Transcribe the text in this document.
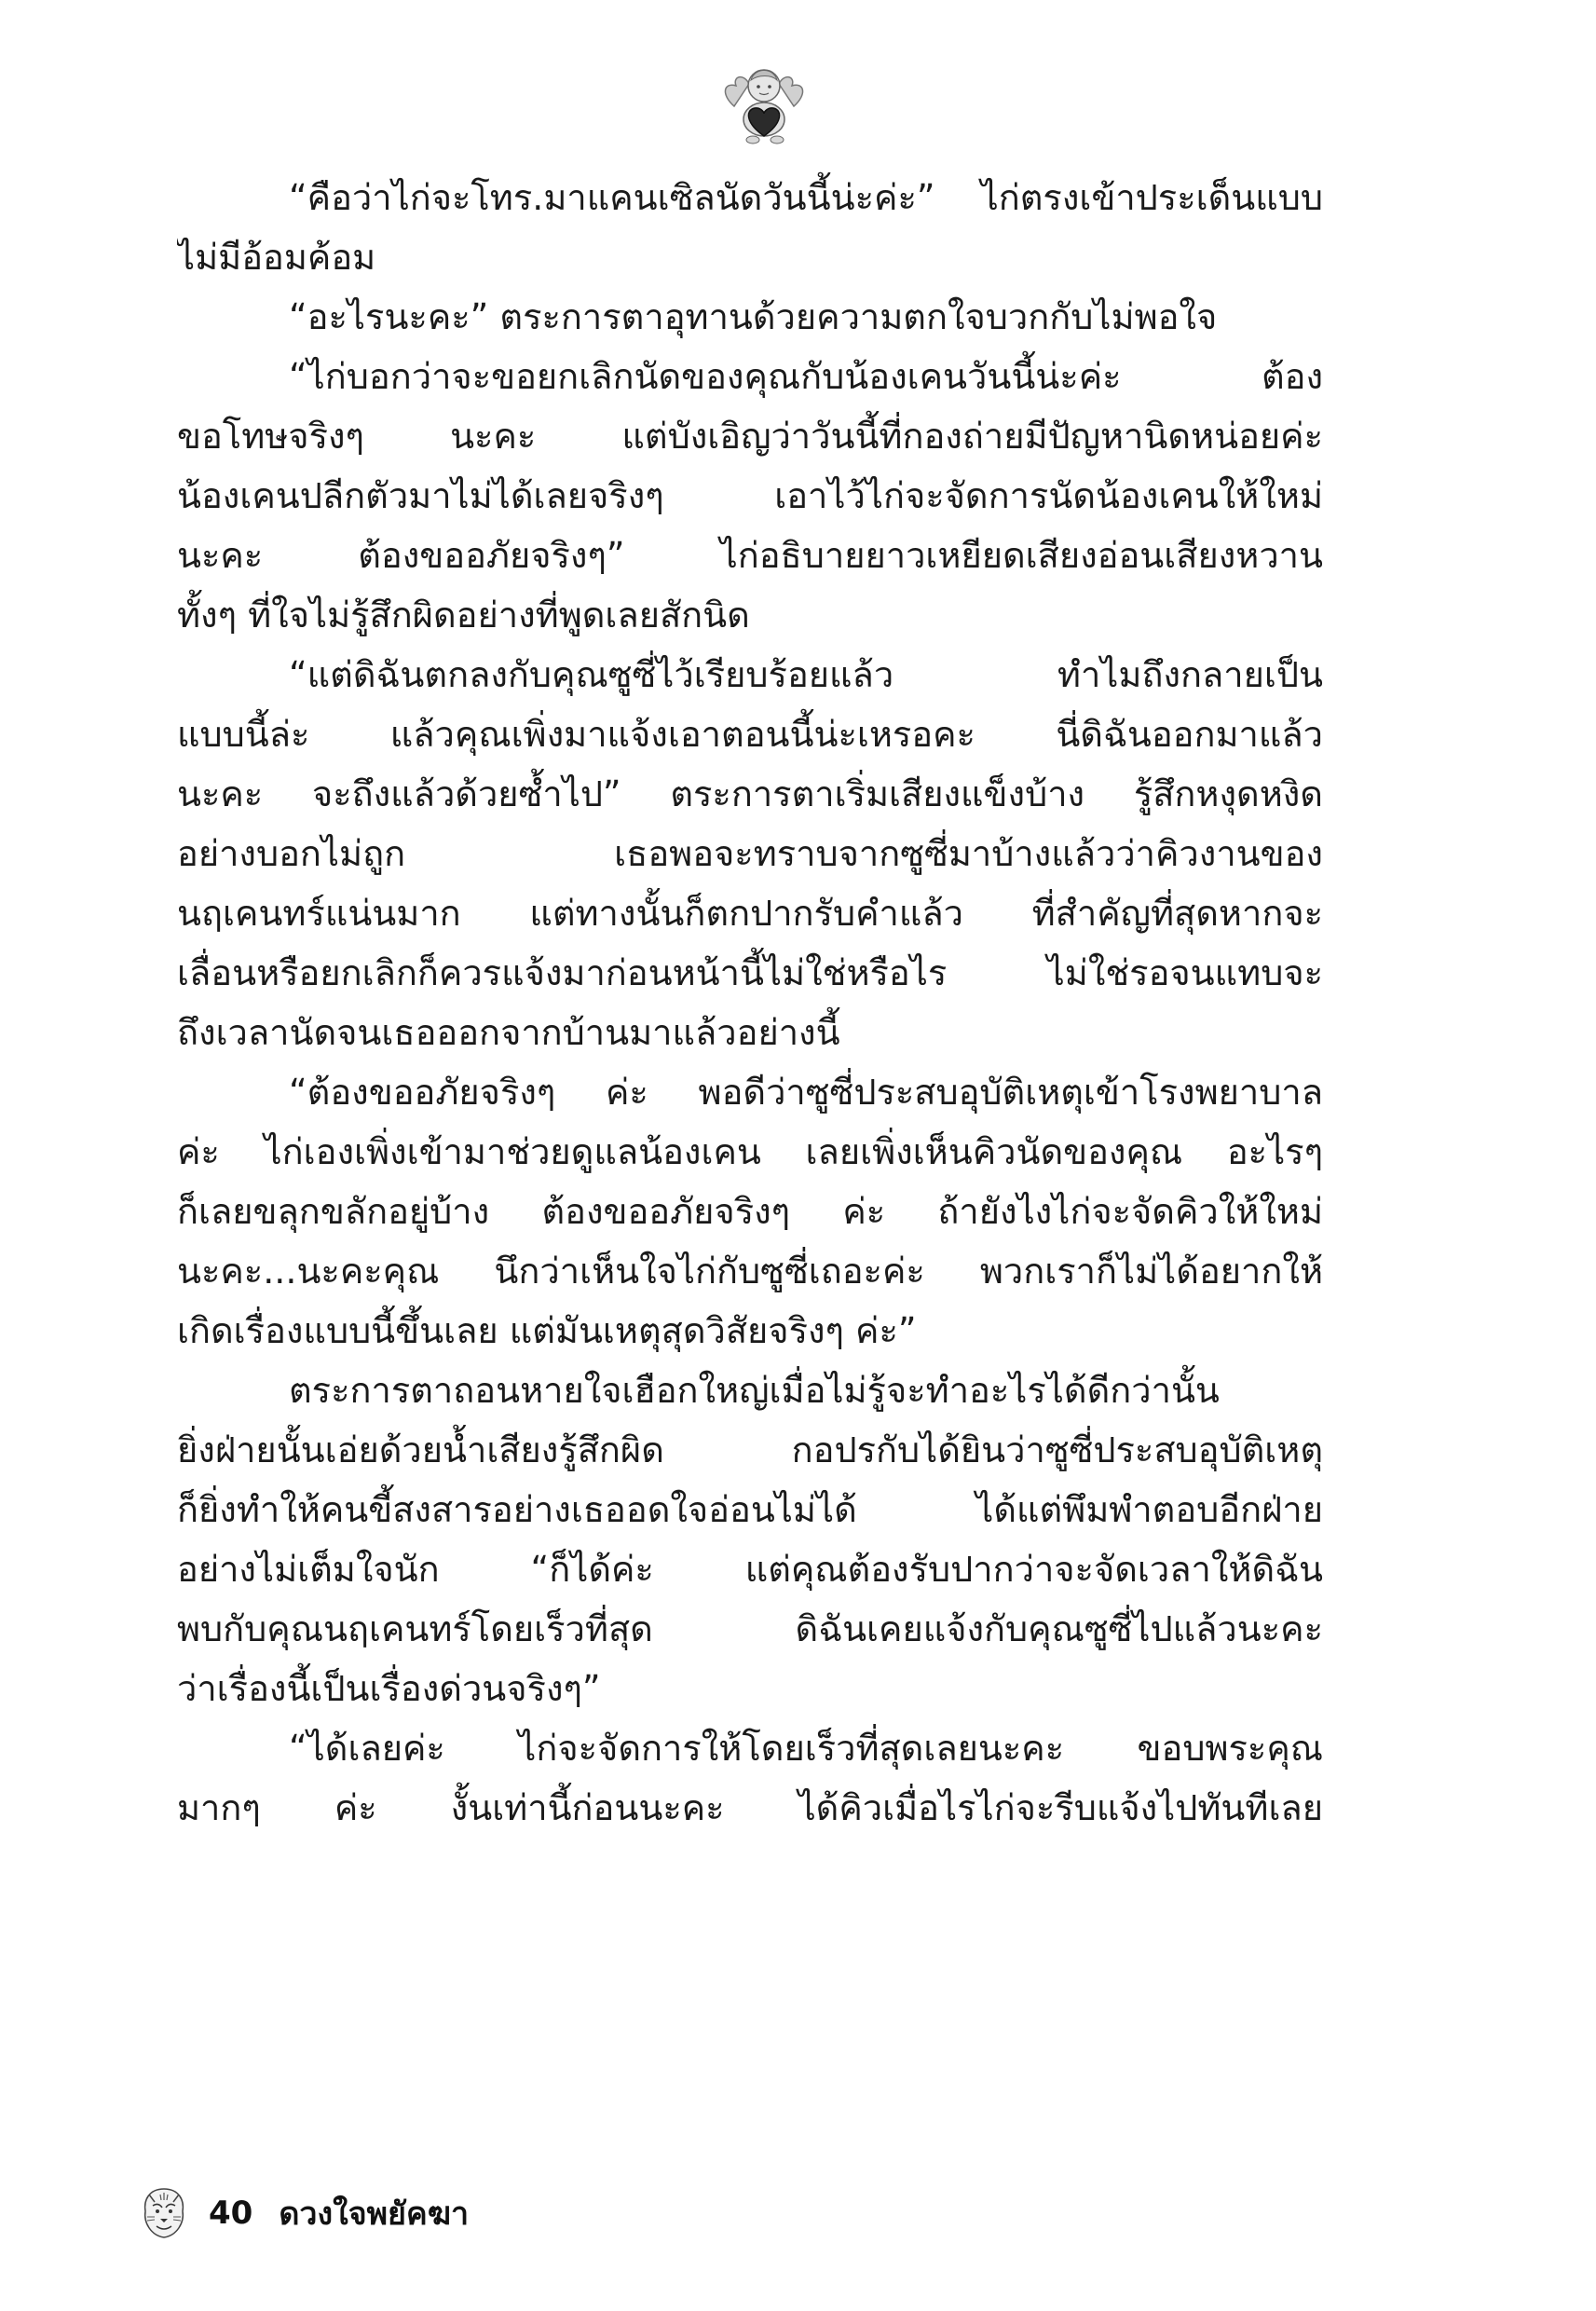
“คือว่าไก่จะโทร.มาแคนเซิลนัดวันนี้น่ะค่ะ” ไก่ตรงเข้าประเด็นแบบ
ไม่มีอ้อมค้อม
“อะไรนะคะ” ตระการตาอุทานด้วยความตกใจบวกกับไม่พอใจ
“ไก่บอกว่าจะขอยกเลิกนัดของคุณกับน้องเคนวันนี้น่ะค่ะ ต้อง
ขอโทษจริงๆ นะคะ แต่บังเอิญว่าวันนี้ที่กองถ่ายมีปัญหานิดหน่อยค่ะ
น้องเคนปลีกตัวมาไม่ได้เลยจริงๆ เอาไว้ไก่จะจัดการนัดน้องเคนให้ใหม่
นะคะ ต้องขออภัยจริงๆ” ไก่อธิบายยาวเหยียดเสียงอ่อนเสียงหวาน
ทั้งๆ ที่ใจไม่รู้สึกผิดอย่างที่พูดเลยสักนิด
“แต่ดิฉันตกลงกับคุณซูซี่ไว้เรียบร้อยแล้ว ทำไมถึงกลายเป็น
แบบนี้ล่ะ แล้วคุณเพิ่งมาแจ้งเอาตอนนี้น่ะเหรอคะ นี่ดิฉันออกมาแล้ว
นะคะ จะถึงแล้วด้วยซ้ำไป” ตระการตาเริ่มเสียงแข็งบ้าง รู้สึกหงุดหงิด
อย่างบอกไม่ถูก เธอพอจะทราบจากซูซี่มาบ้างแล้วว่าคิวงานของ
นฤเคนทร์แน่นมาก แต่ทางนั้นก็ตกปากรับคำแล้ว ที่สำคัญที่สุดหากจะ
เลื่อนหรือยกเลิกก็ควรแจ้งมาก่อนหน้านี้ไม่ใช่หรือไร ไม่ใช่รอจนแทบจะ
ถึงเวลานัดจนเธอออกจากบ้านมาแล้วอย่างนี้
“ต้องขออภัยจริงๆ ค่ะ พอดีว่าซูซี่ประสบอุบัติเหตุเข้าโรงพยาบาล
ค่ะ ไก่เองเพิ่งเข้ามาช่วยดูแลน้องเคน เลยเพิ่งเห็นคิวนัดของคุณ อะไรๆ
ก็เลยขลุกขลักอยู่บ้าง ต้องขออภัยจริงๆ ค่ะ ถ้ายังไงไก่จะจัดคิวให้ใหม่
นะคะ...นะคะคุณ นึกว่าเห็นใจไก่กับซูซี่เถอะค่ะ พวกเราก็ไม่ได้อยากให้
เกิดเรื่องแบบนี้ขึ้นเลย แต่มันเหตุสุดวิสัยจริงๆ ค่ะ”
ตระการตาถอนหายใจเฮือกใหญ่เมื่อไม่รู้จะทำอะไรได้ดีกว่านั้น
ยิ่งฝ่ายนั้นเอ่ยด้วยน้ำเสียงรู้สึกผิด กอปรกับได้ยินว่าซูซี่ประสบอุบัติเหตุ
ก็ยิ่งทำให้คนขี้สงสารอย่างเธออดใจอ่อนไม่ได้ ได้แต่พึมพำตอบอีกฝ่าย
อย่างไม่เต็มใจนัก “ก็ได้ค่ะ แต่คุณต้องรับปากว่าจะจัดเวลาให้ดิฉัน
พบกับคุณนฤเคนทร์โดยเร็วที่สุด ดิฉันเคยแจ้งกับคุณซูซี่ไปแล้วนะคะ
ว่าเรื่องนี้เป็นเรื่องด่วนจริงๆ”
“ได้เลยค่ะ ไก่จะจัดการให้โดยเร็วที่สุดเลยนะคะ ขอบพระคุณ
มากๆ ค่ะ งั้นเท่านี้ก่อนนะคะ ได้คิวเมื่อไรไก่จะรีบแจ้งไปทันทีเลย
40 ดวงใจพยัคฆา
